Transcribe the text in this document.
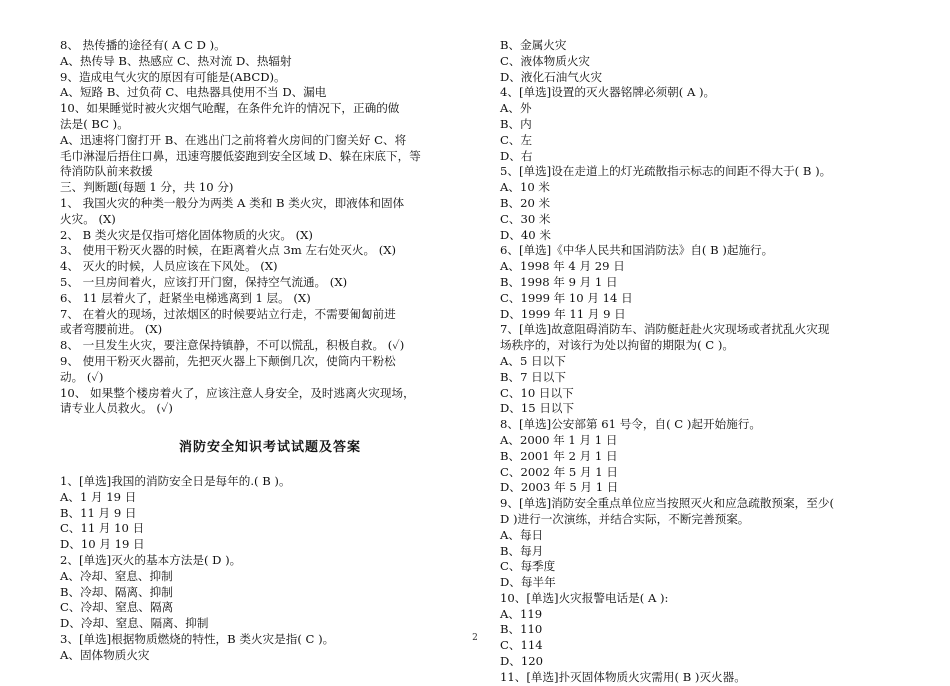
8、 热传播的途径有( A C D )。
A、热传导 B、热感应 C、热对流 D、热辐射
9、造成电气火灾的原因有可能是(ABCD)。
A、短路 B、过负荷 C、电热器具使用不当 D、漏电
10、如果睡觉时被火灾烟气呛醒，在条件允许的情况下，正确的做
法是( BC )。
A、迅速将门窗打开 B、在逃出门之前将着火房间的门窗关好 C、将
毛巾淋湿后捂住口鼻，迅速弯腰低姿跑到安全区域 D、躲在床底下，等
待消防队前来救援
三、判断题(每题 1 分，共 10 分)
1、 我国火灾的种类一般分为两类 A 类和 B 类火灾，即液体和固体
火灾。 (X)
2、 B 类火灾是仅指可熔化固体物质的火灾。 (X)
3、 使用干粉灭火器的时候，在距离着火点 3m 左右处灭火。 (X)
4、 灭火的时候，人员应该在下风处。 (X)
5、 一旦房间着火，应该打开门窗，保持空气流通。 (X)
6、 11 层着火了，赶紧坐电梯逃离到 1 层。 (X)
7、 在着火的现场，过浓烟区的时候要站立行走，不需要匍匐前进
或者弯腰前进。 (X)
8、 一旦发生火灾，要注意保持镇静，不可以慌乱，积极自救。 (✓)
9、 使用干粉灭火器前，先把灭火器上下颠倒几次，使筒内干粉松
动。 (✓)
10、 如果整个楼房着火了，应该注意人身安全，及时逃离火灾现场，
请专业人员救火。 (✓)
消防安全知识考试试题及答案
1、[单选]我国的消防安全日是每年的.( B )。
A、1 月 19 日
B、11 月 9 日
C、11 月 10 日
D、10 月 19 日
2、[单选]灭火的基本方法是( D )。
A、冷却、窒息、抑制
B、冷却、隔离、抑制
C、冷却、窒息、隔离
D、冷却、窒息、隔离、抑制
3、[单选]根据物质燃烧的特性，B 类火灾是指( C )。
A、固体物质火灾
B、金属火灾
C、液体物质火灾
D、液化石油气火灾
4、[单选]设置的灭火器铭牌必须朝( A )。
A、外
B、内
C、左
D、右
5、[单选]设在走道上的灯光疏散指示标志的间距不得大于( B )。
A、10 米
B、20 米
C、30 米
D、40 米
6、[单选]《中华人民共和国消防法》自( B )起施行。
A、1998 年 4 月 29 日
B、1998 年 9 月 1 日
C、1999 年 10 月 14 日
D、1999 年 11 月 9 日
7、[单选]故意阻碍消防车、消防艇赶赴火灾现场或者扰乱火灾现
场秩序的，对该行为处以拘留的期限为( C )。
A、5 日以下
B、7 日以下
C、10 日以下
D、15 日以下
8、[单选]公安部第 61 号令，自( C )起开始施行。
A、2000 年 1 月 1 日
B、2001 年 2 月 1 日
C、2002 年 5 月 1 日
D、2003 年 5 月 1 日
9、[单选]消防安全重点单位应当按照灭火和应急疏散预案，至少(
D )进行一次演练，并结合实际，不断完善预案。
A、每日
B、每月
C、每季度
D、每半年
10、[单选]火灾报警电话是( A ):
A、119
B、110
C、114
D、120
11、[单选]扑灭固体物质火灾需用( B )灭火器。
2
